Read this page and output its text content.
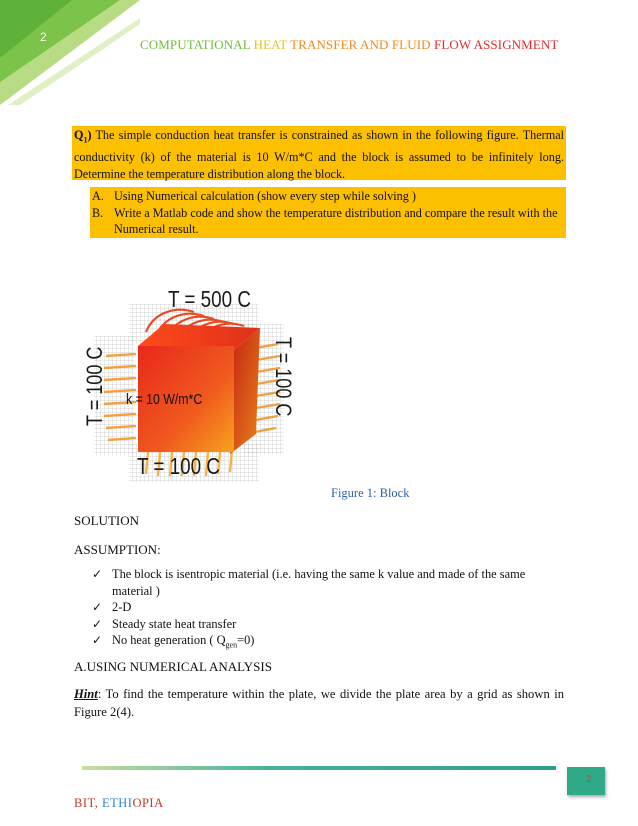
2	COMPUTATIONAL HEAT TRANSFER AND FLUID FLOW ASSIGNMENT
$Q_1$) The simple conduction heat transfer is constrained as shown in the following figure. Thermal conductivity (k) of the material is 10 W/m*C and the block is assumed to be infinitely long. Determine the temperature distribution along the block.
A. Using Numerical calculation (show every step while solving )
B. Write a Matlab code and show the temperature distribution and compare the result with the Numerical result.
T = 500 C
T = 100 C
T = 100 C	T = 100 C
k = 10 W/m*C
Figure 1: Block
SOLUTION
ASSUMPTION:
✓ The block is isentropic material (i.e. having the same k value and made of the same material )
✓ 2-D
✓ Steady state heat transfer
✓ No heat generation ( $Q_{gen}=0$)
A.USING NUMERICAL ANALYSIS
Hint: To find the temperature within the plate, we divide the plate area by a grid as shown in Figure 2(4).
2
BIT, ETHIOPIA
